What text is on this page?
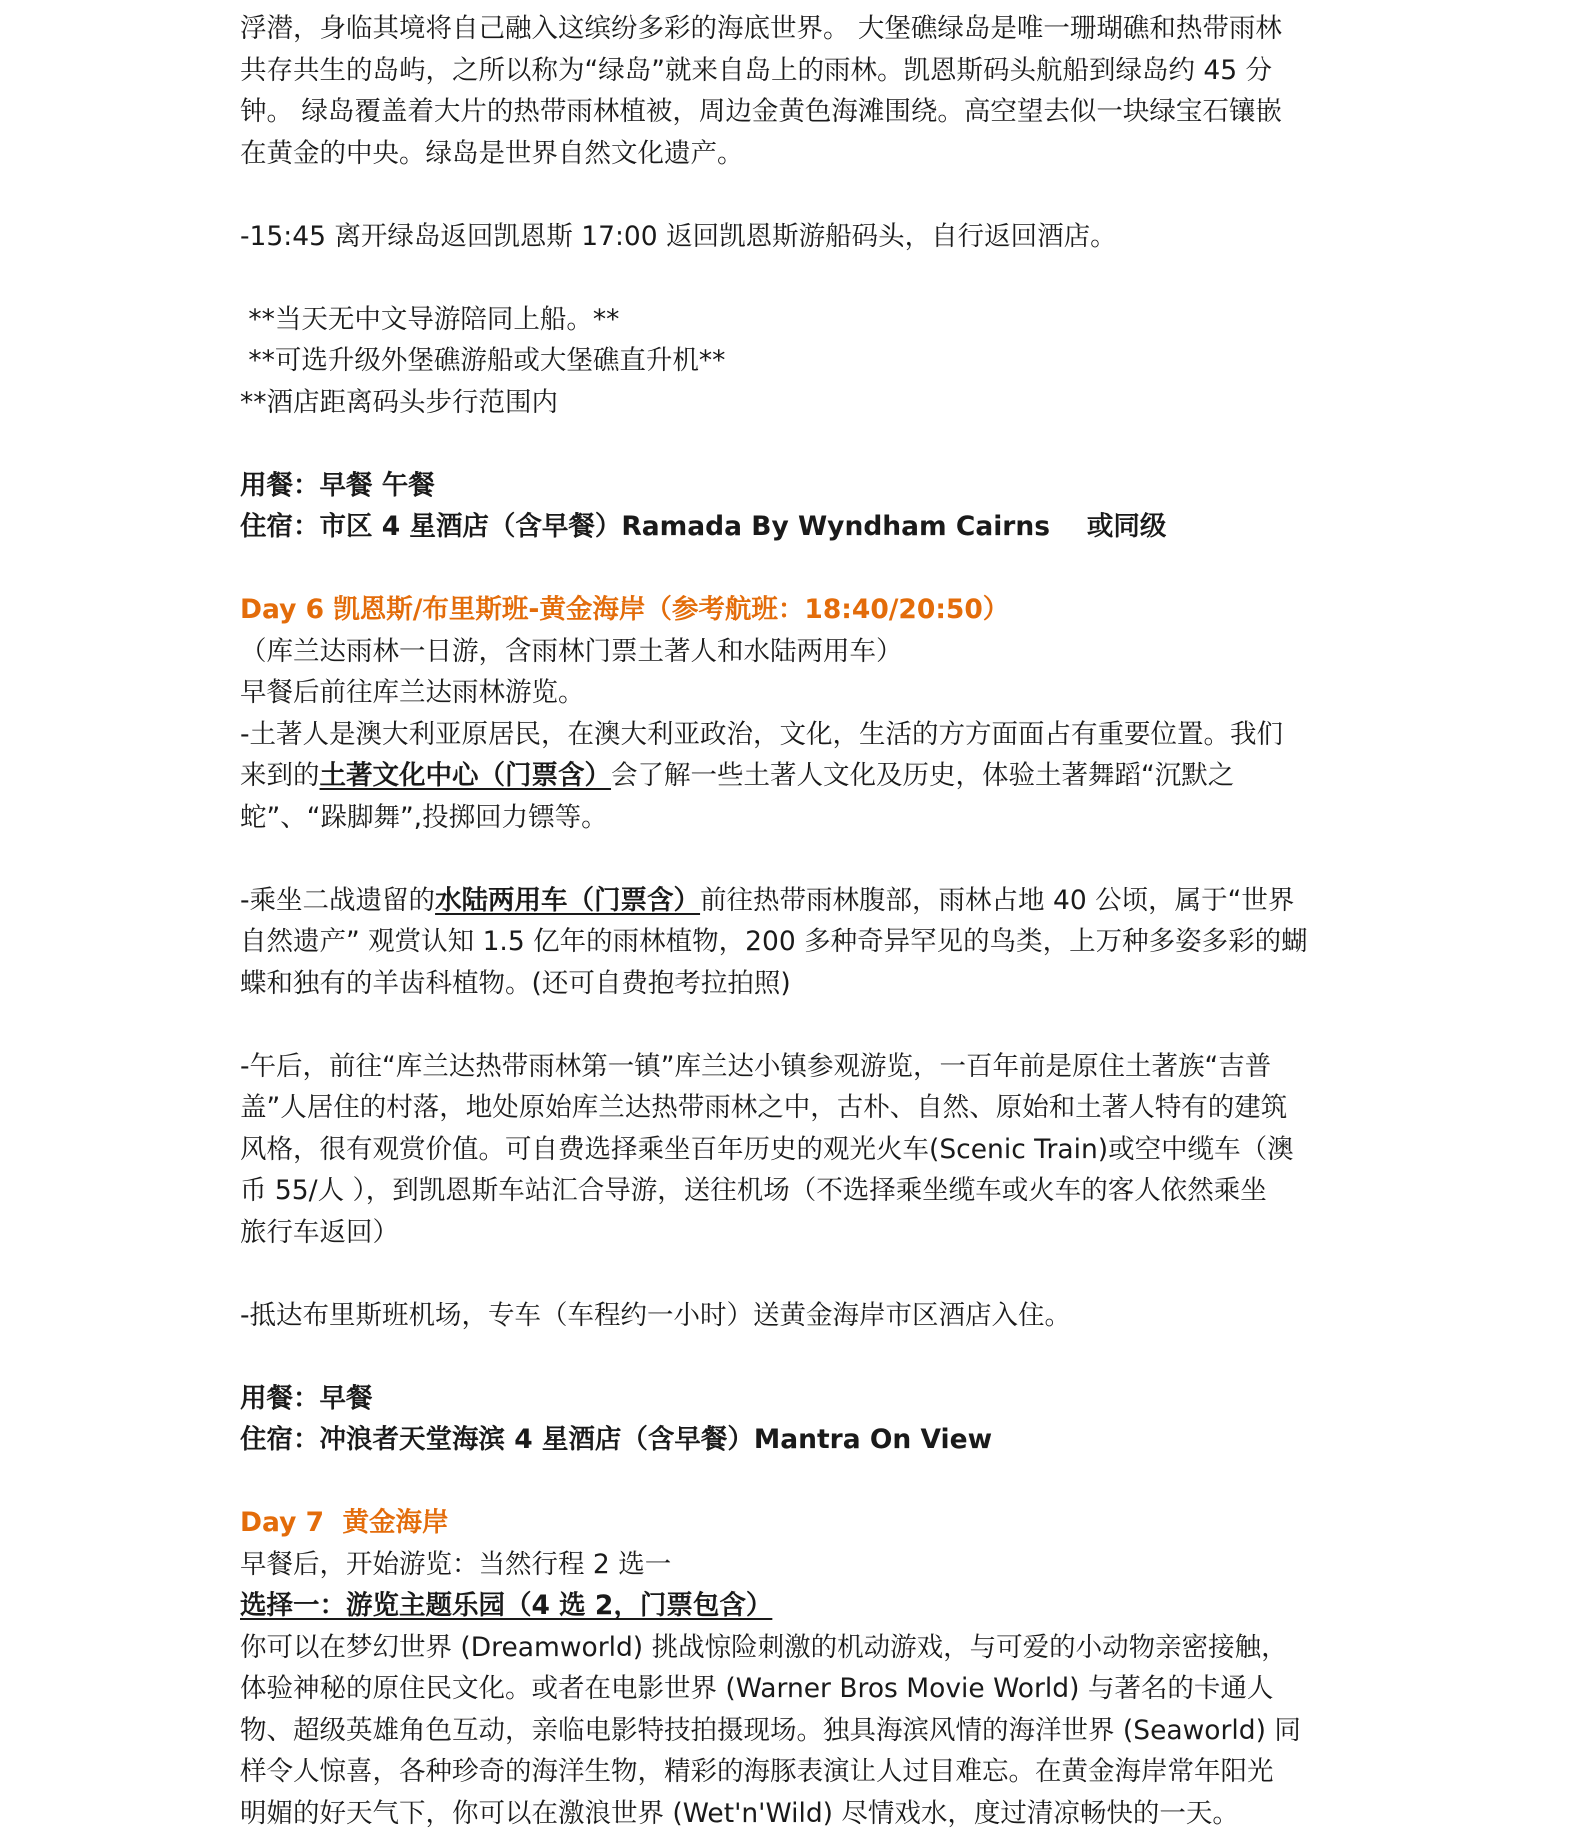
浮潜，身临其境将自己融入这缤纷多彩的海底世界。 大堡礁绿岛是唯一珊瑚礁和热带雨林
共存共生的岛屿，之所以称为“绿岛”就来自岛上的雨林。凯恩斯码头航船到绿岛约 45 分
钟。 绿岛覆盖着大片的热带雨林植被，周边金黄色海滩围绕。高空望去似一块绿宝石镶嵌
在黄金的中央。绿岛是世界自然文化遗产。
-15:45 离开绿岛返回凯恩斯 17:00 返回凯恩斯游船码头，自行返回酒店。
**当天无中文导游陪同上船。**
**可选升级外堡礁游船或大堡礁直升机**
**酒店距离码头步行范围内
用餐：早餐 午餐
住宿：市区 4 星酒店（含早餐）Ramada By Wyndham Cairns    或同级
Day 6 凯恩斯/布里斯班-黄金海岸（参考航班：18:40/20:50）
（库兰达雨林一日游，含雨林门票土著人和水陆两用车）
早餐后前往库兰达雨林游览。
-土著人是澳大利亚原居民，在澳大利亚政治，文化，生活的方方面面占有重要位置。我们
来到的土著文化中心（门票含）会了解一些土著人文化及历史，体验土著舞蹈“沉默之
蛇”、“跺脚舞”,投掷回力镖等。
-乘坐二战遗留的水陆两用车（门票含）前往热带雨林腹部，雨林占地 40 公顷，属于“世界
自然遗产” 观赏认知 1.5 亿年的雨林植物，200 多种奇异罕见的鸟类，上万种多姿多彩的蝴
蝶和独有的羊齿科植物。(还可自费抱考拉拍照)
-午后，前往“库兰达热带雨林第一镇”库兰达小镇参观游览，一百年前是原住土著族“吉普
盖”人居住的村落，地处原始库兰达热带雨林之中，古朴、自然、原始和土著人特有的建筑
风格，很有观赏价值。可自费选择乘坐百年历史的观光火车(Scenic Train)或空中缆车（澳
币 55/人 ），到凯恩斯车站汇合导游，送往机场（不选择乘坐缆车或火车的客人依然乘坐
旅行车返回）
-抵达布里斯班机场，专车（车程约一小时）送黄金海岸市区酒店入住。
用餐：早餐
住宿：冲浪者天堂海滨 4 星酒店（含早餐）Mantra On View
Day 7  黄金海岸
早餐后，开始游览：当然行程 2 选一
选择一：游览主题乐园（4 选 2，门票包含）
你可以在梦幻世界 (Dreamworld) 挑战惊险刺激的机动游戏，与可爱的小动物亲密接触，
体验神秘的原住民文化。或者在电影世界 (Warner Bros Movie World) 与著名的卡通人
物、超级英雄角色互动，亲临电影特技拍摄现场。独具海滨风情的海洋世界 (Seaworld) 同
样令人惊喜，各种珍奇的海洋生物，精彩的海豚表演让人过目难忘。在黄金海岸常年阳光
明媚的好天气下，你可以在激浪世界 (Wet'n'Wild) 尽情戏水，度过清凉畅快的一天。
